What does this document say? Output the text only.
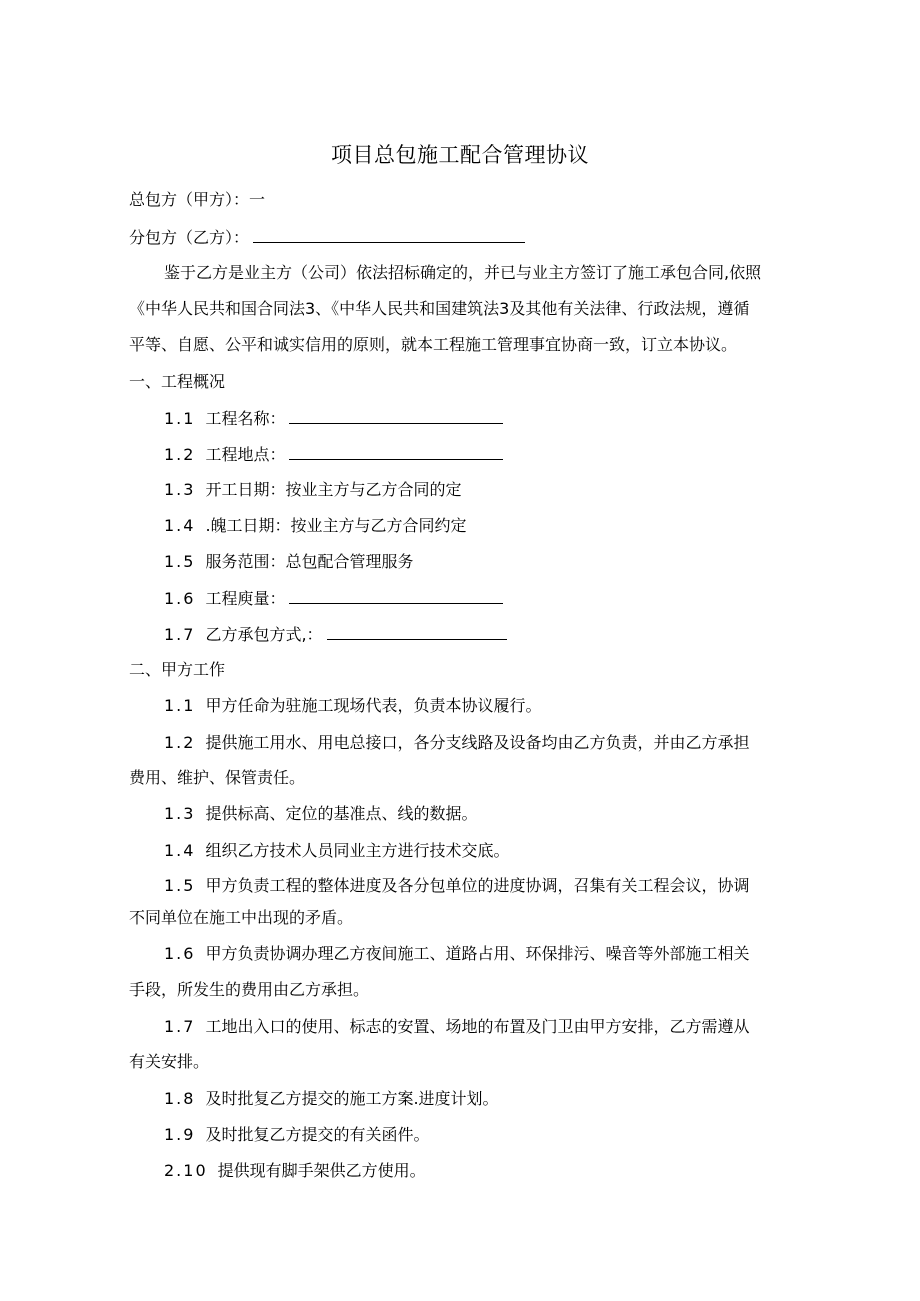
项目总包施工配合管理协议
总包方（甲方）：一
分包方（乙方）：
鉴于乙方是业主方（公司）依法招标确定的，并已与业主方签订了施工承包合同,依照
《中华人民共和国合同法3、《中华人民共和国建筑法3及其他有关法律、行政法规，遵循
平等、自愿、公平和诚实信用的原则，就本工程施工管理事宜协商一致，订立本协议。
一、工程概况
1.1 工程名称：
1.2 工程地点：
1.3 开工日期：按业主方与乙方合同的定
1.4 .魄工日期：按业主方与乙方合同约定
1.5 服务范围：总包配合管理服务
1.6 工程庾量：
1.7 乙方承包方式,：
二、甲方工作
1.1 甲方任命为驻施工现场代表，负责本协议履行。
1.2 提供施工用水、用电总接口，各分支线路及设备均由乙方负责，并由乙方承担
费用、维护、保管责任。
1.3 提供标高、定位的基准点、线的数据。
1.4 组织乙方技术人员同业主方进行技术交底。
1.5 甲方负责工程的整体进度及各分包单位的进度协调，召集有关工程会议，协调
不同单位在施工中出现的矛盾。
1.6 甲方负责协调办理乙方夜间施工、道路占用、环保排污、噪音等外部施工相关
手段，所发生的费用由乙方承担。
1.7 工地出入口的使用、标志的安置、场地的布置及门卫由甲方安排，乙方需遵从
有关安排。
1.8 及时批复乙方提交的施工方案.进度计划。
1.9 及时批复乙方提交的有关函件。
2.10 提供现有脚手架供乙方使用。
